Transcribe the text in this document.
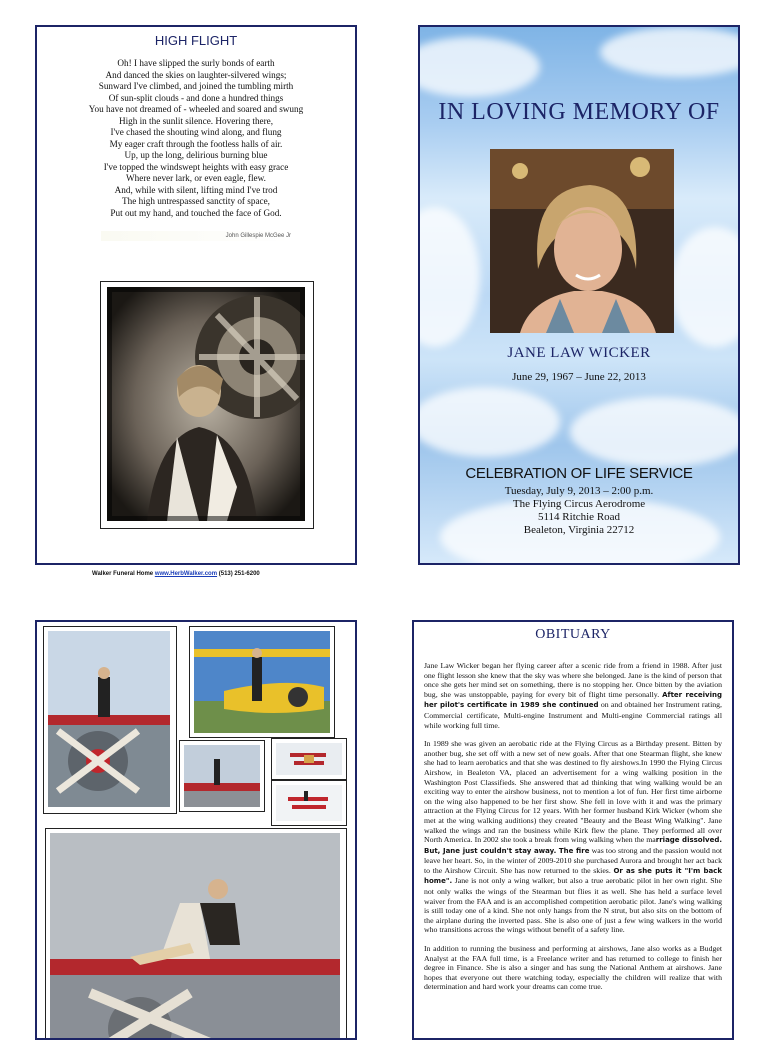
HIGH FLIGHT
Oh! I have slipped the surly bonds of earth
And danced the skies on laughter-silvered wings;
Sunward I've climbed, and joined the tumbling mirth
Of sun-split clouds - and done a hundred things
You have not dreamed of - wheeled and soared and swung
High in the sunlit silence. Hovering there,
I've chased the shouting wind along, and flung
My eager craft through the footless halls of air.
Up, up the long, delirious burning blue
I've topped the windswept heights with easy grace
Where never lark, or even eagle, flew.
And, while with silent, lifting mind I've trod
The high untrespassed sanctity of space,
Put out my hand, and touched the face of God.
John Gillespie McGee Jr
Walker Funeral Home www.HerbWalker.com (513) 251-6200
IN LOVING MEMORY OF
JANE LAW WICKER
June 29, 1967 – June 22, 2013
CELEBRATION OF LIFE SERVICE
Tuesday, July 9, 2013 – 2:00 p.m.
The Flying Circus Aerodrome
5114 Ritchie Road
Bealeton, Virginia 22712
OBITUARY

Jane Law Wicker began her flying career after a scenic ride from a friend in 1988. After just one flight lesson she knew that the sky was where she belonged. Jane is the kind of person that once she gets her mind set on something, there is no stopping her. Once bitten by the aviation bug, she was unstoppable, paying for every bit of flight time personally. After receiving her pilot's certificate in 1989 she continued on and obtained her Instrument rating, Commercial certificate, Multi-engine Instrument and Multi-engine Commercial ratings all while working full time.

In 1989 she was given an aerobatic ride at the Flying Circus as a Birthday present. Bitten by another bug, she set off with a new set of new goals. After that one Stearman flight, she knew she had to learn aerobatics and that she was destined to fly airshows.In 1990 the Flying Circus Airshow, in Bealeton VA, placed an advertisement for a wing walking position in the Washington Post Classifieds. She answered that ad thinking that wing walking would be an exciting way to enter the airshow business, not to mention a lot of fun. Her first time airborne on the wing also happened to be her first show. She fell in love with it and was the primary attraction at the Flying Circus for 12 years. With her former husband Kirk Wicker (whom she met at the wing walking auditions) they created "Beauty and the Beast Wing Walking". Jane walked the wings and ran the business while Kirk flew the plane. They performed all over North America. In 2002 she took a break from wing walking when the marriage dissolved. But, Jane just couldn't stay away. The fire was too strong and the passion would not leave her heart. So, in the winter of 2009-2010 she purchased Aurora and brought her act back to the Airshow Circuit. She has now returned to the skies. Or as she puts it "I'm back home". Jane is not only a wing walker, but also a true aerobatic pilot in her own right. She not only walks the wings of the Stearman but flies it as well. She has held a surface level waiver from the FAA and is an accomplished competition aerobatic pilot. Jane's wing walking is still today one of a kind. She not only hangs from the N strut, but also sits on the bottom of the airplane during the inverted pass. She is also one of just a few wing walkers in the world who transitions across the wings without benefit of a safety line.

In addition to running the business and performing at airshows, Jane also works as a Budget Analyst at the FAA full time, is a Freelance writer and has returned to college to finish her degree in Finance. She is also a singer and has sung the National Anthem at airshows. Jane hopes that everyone out there watching today, especially the children will realize that with determination and hard work your dreams can come true.
